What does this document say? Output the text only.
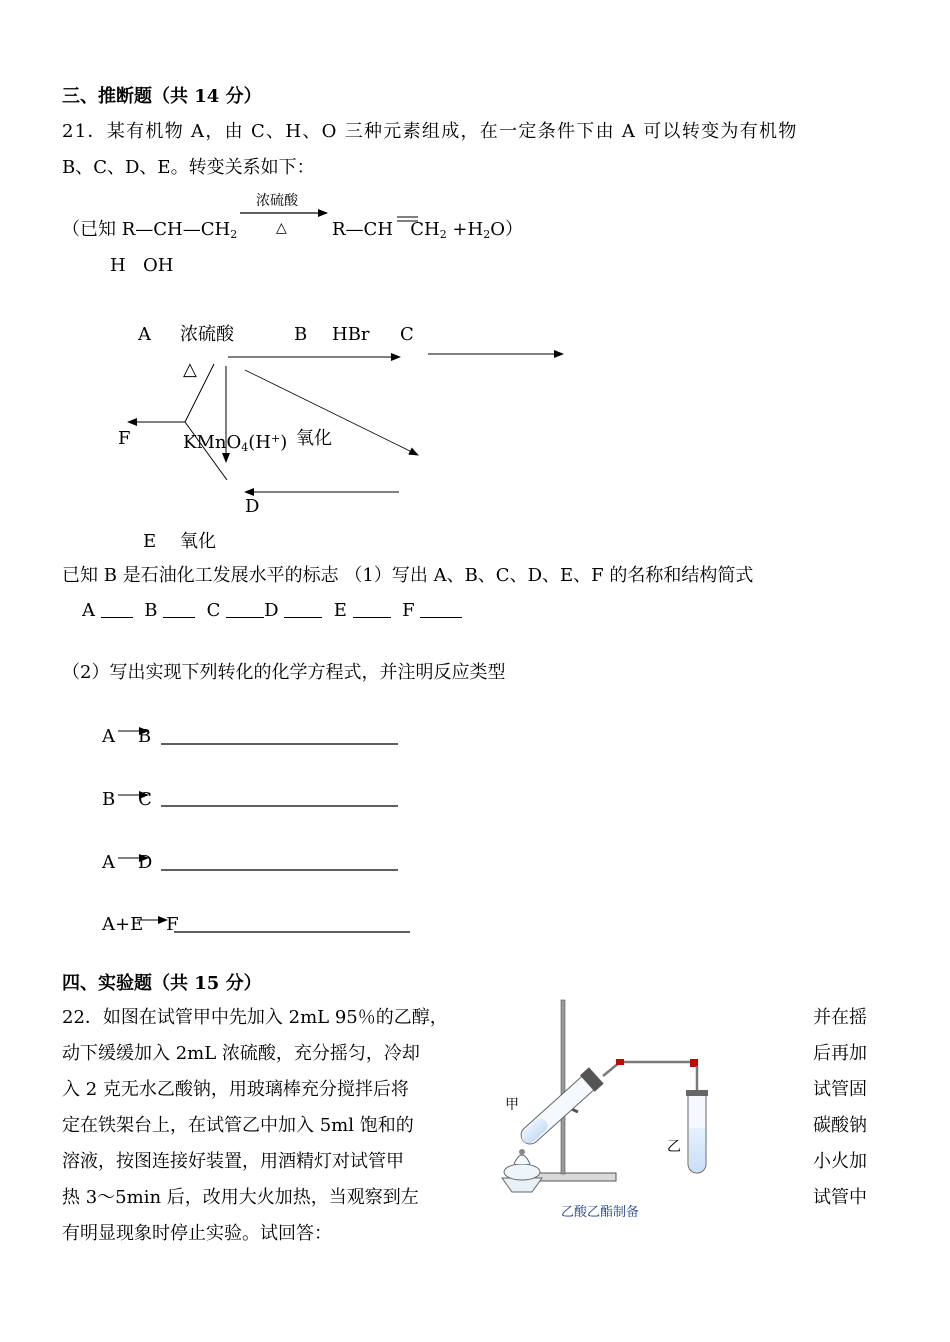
三、推断题（共 14 分）
21．某有机物 A，由 C、H、O 三种元素组成，在一定条件下由 A 可以转变为有机物
B、C、D、E。转变关系如下：
浓硫酸
（已知 $R—CH—CH_2$	△	R—CH $CH_2 +H_2O$）
H OH
A 浓硫酸	B HBr C
△
F	KMnO$_4$(H+) 氧化
D
E 氧化
已知 B 是石油化工发展水平的标志 （1）写出 A、B、C、D、E、F 的名称和结构简式
A	B	C D	E	F
（2）写出实现下列转化的化学方程式，并注明反应类型
A B
B C
A D
A+E F
四、实验题（共 15 分）
22．如图在试管甲中先加入 2mL 95％的乙醇，
动下缓缓加入 2mL 浓硫酸，充分摇匀，冷却
入 2 克无水乙酸钠，用玻璃棒充分搅拌后将
定在铁架台上，在试管乙中加入 5ml 饱和的
溶液，按图连接好装置，用酒精灯对试管甲
热 3～5min 后，改用大火加热，当观察到左
有明显现象时停止实验。试回答：
并在摇
后再加
试管固
碳酸钠
小火加
试管中
甲
乙
乙酸乙酯制备
